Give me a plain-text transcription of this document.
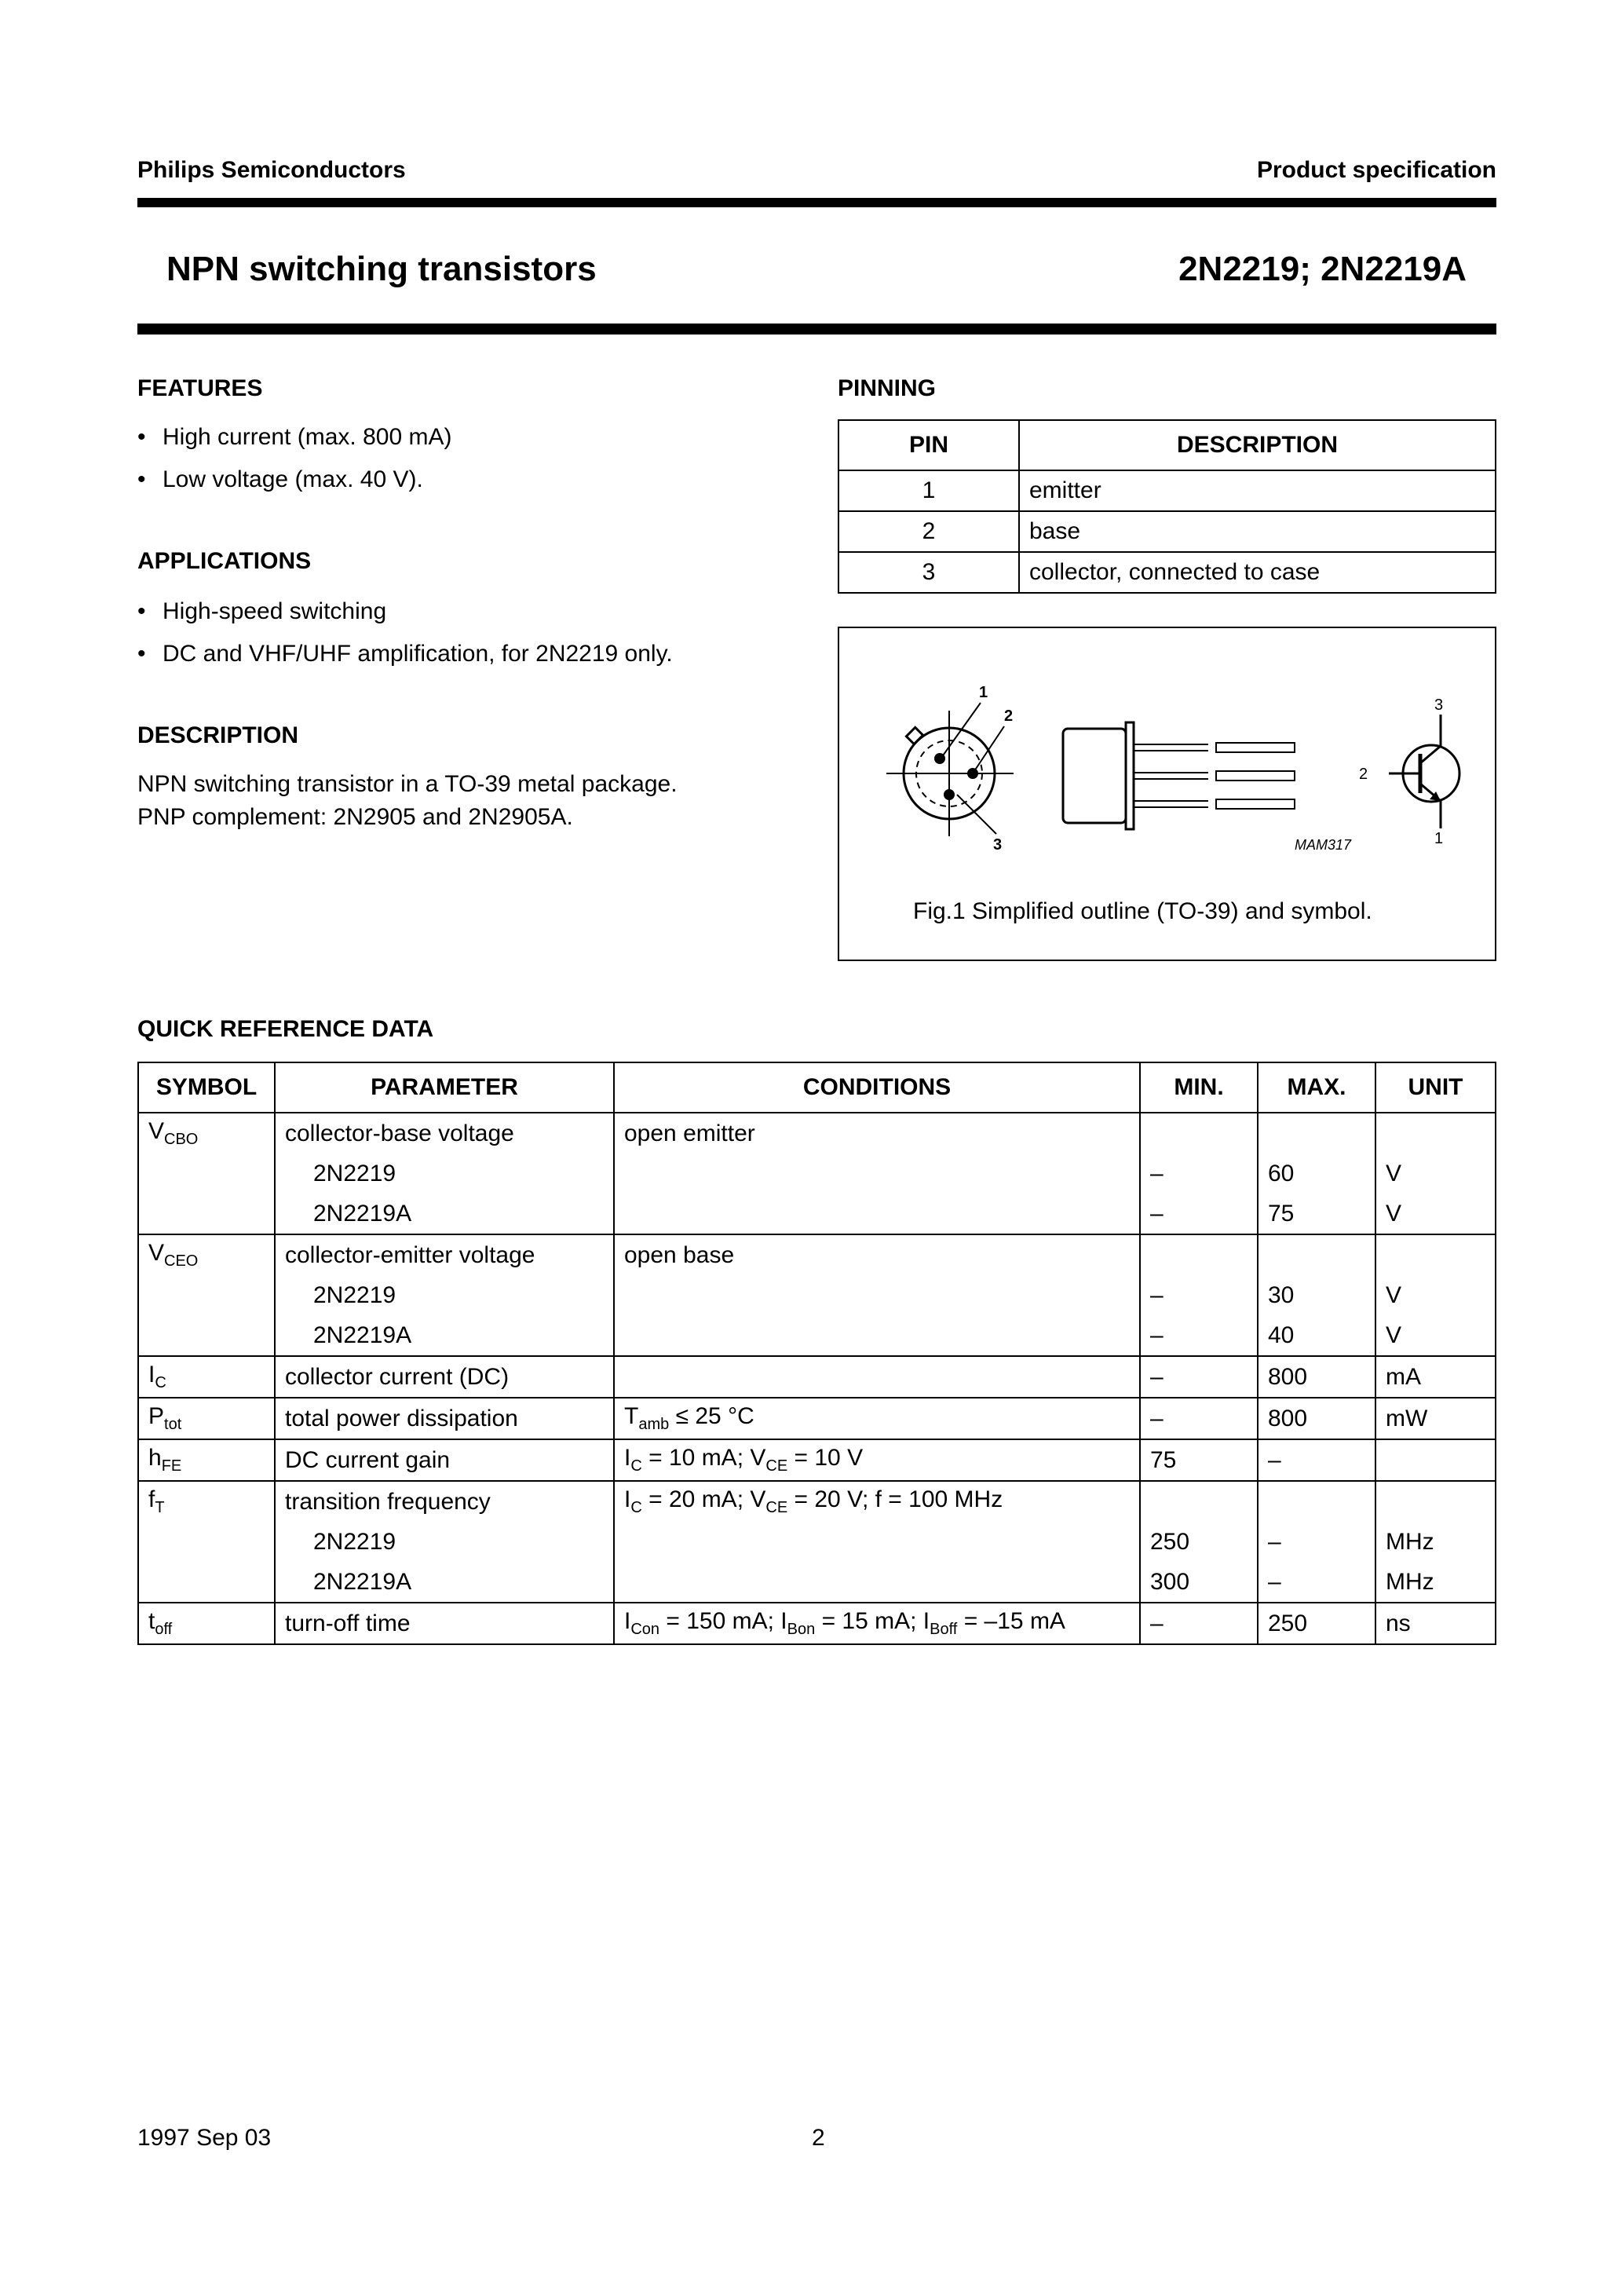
Philips Semiconductors	Product specification
NPN switching transistors	2N2219; 2N2219A
FEATURES
• High current (max. 800 mA)
• Low voltage (max. 40 V).
APPLICATIONS
• High-speed switching
• DC and VHF/UHF amplification, for 2N2219 only.
DESCRIPTION
NPN switching transistor in a TO-39 metal package.
PNP complement: 2N2905 and 2N2905A.
PINNING
PIN	DESCRIPTION
1	emitter
2	base
3	collector, connected to case
1
2
3	MAM317
3
2
1
Fig.1 Simplified outline (TO-39) and symbol.
QUICK REFERENCE DATA
SYMBOL	PARAMETER	CONDITIONS	MIN.	MAX.	UNIT
$V_{CBO}$	collector-base voltage	open emitter			
	2N2219		–	60	V
	2N2219A		–	75	V
$V_{CEO}$	collector-emitter voltage	open base			
	2N2219		–	30	V
	2N2219A		–	40	V
$I_C$	collector current (DC)		–	800	mA
$P_{tot}$	total power dissipation	$T_{amb} \le 25$ °C	–	800	mW
$h_{FE}$	DC current gain	$I_C = 10$ mA; $V_{CE} = 10$ V	75	–	
$f_T$	transition frequency	$I_C = 20$ mA; $V_{CE} = 20$ V; f = 100 MHz			
	2N2219		250	–	MHz
	2N2219A		300	–	MHz
$t_{off}$	turn-off time	$I_{Con} = 150$ mA; $I_{Bon} = 15$ mA; $I_{Boff} = -15$ mA	–	250	ns
1997 Sep 03	2
